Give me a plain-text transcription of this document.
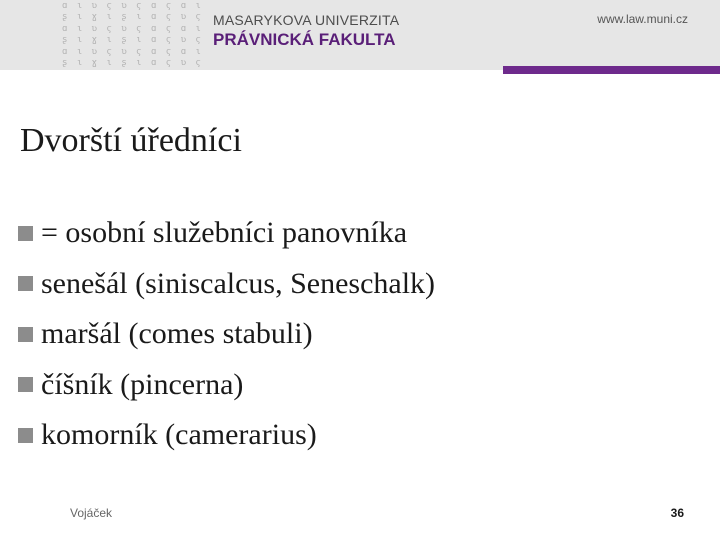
ɑ ɩ ʋ ϛ ʋ ϛ ɑ ϛ ɑ ɩ
ʂ ɩ ɣ ɩ ʂ ɩ ɑ ϛ ʋ ϛ
ɑ ɩ ʋ ϛ ʋ ϛ ɑ ϛ ɑ ɩ
ʂ ɩ ɣ ɩ ʂ ɩ ɑ ϛ ʋ ϛ
ɑ ɩ ʋ ϛ ʋ ϛ ɑ ϛ ɑ ɩ
ʂ ɩ ɣ ɩ ʂ ɩ ɑ ϛ ʋ ϛ
MASARYKOVA UNIVERZITA
PRÁVNICKÁ FAKULTA
www.law.muni.cz
Dvorští úředníci
= osobní služebníci panovníka
senešál (siniscalcus, Seneschalk)
maršál (comes stabuli)
číšník (pincerna)
komorník (camerarius)
Vojáček	36
